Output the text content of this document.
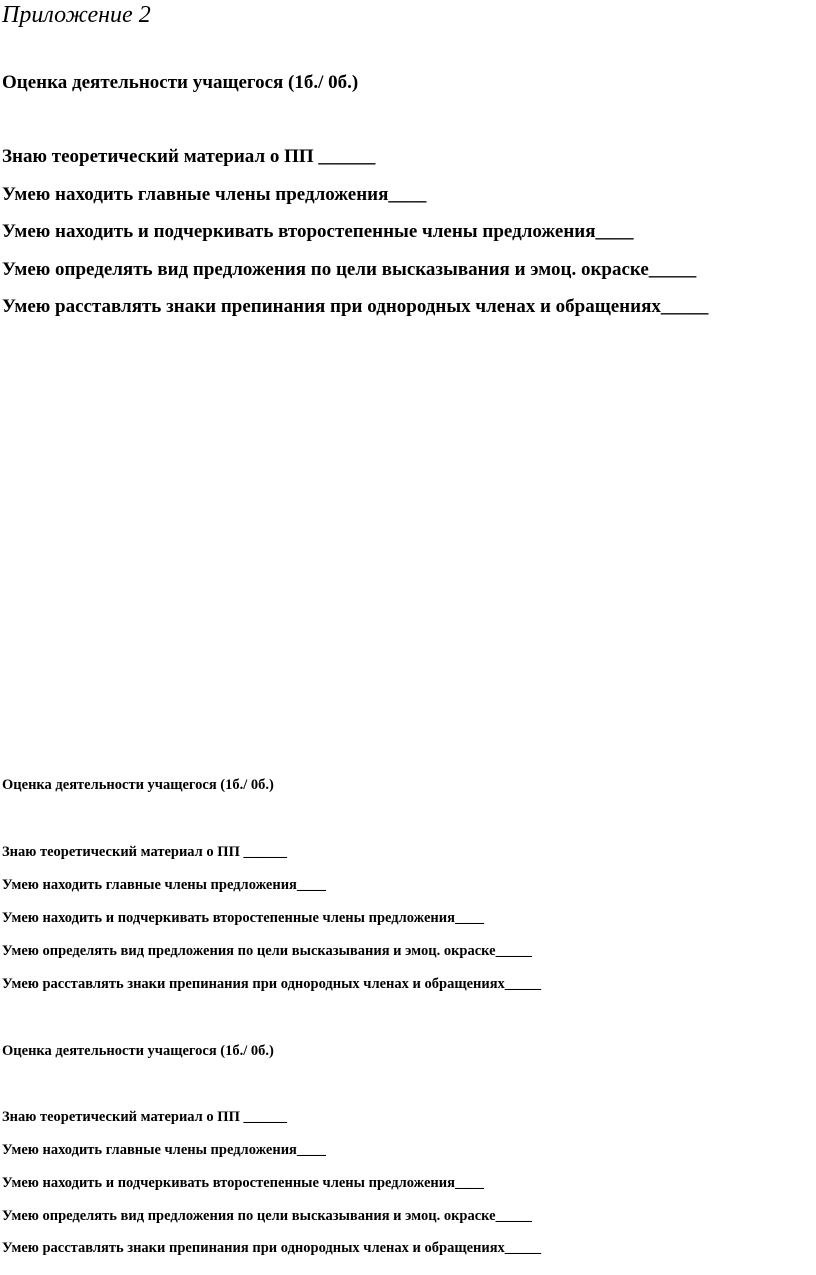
Приложение 2
Оценка деятельности учащегося (1б./ 0б.)
Знаю теоретический материал о ПП ______
Умею находить главные члены предложения____
Умею находить и подчеркивать второстепенные члены предложения____
Умею определять вид предложения по цели высказывания и эмоц. окраске_____
Умею расставлять знаки препинания при однородных членах и обращениях_____
Оценка деятельности учащегося (1б./ 0б.)
Знаю теоретический материал о ПП ______
Умею находить главные члены предложения____
Умею находить и подчеркивать второстепенные члены предложения____
Умею определять вид предложения по цели высказывания и эмоц. окраске_____
Умею расставлять знаки препинания при однородных членах и обращениях_____
Оценка деятельности учащегося (1б./ 0б.)
Знаю теоретический материал о ПП ______
Умею находить главные члены предложения____
Умею находить и подчеркивать второстепенные члены предложения____
Умею определять вид предложения по цели высказывания и эмоц. окраске_____
Умею расставлять знаки препинания при однородных членах и обращениях_____
